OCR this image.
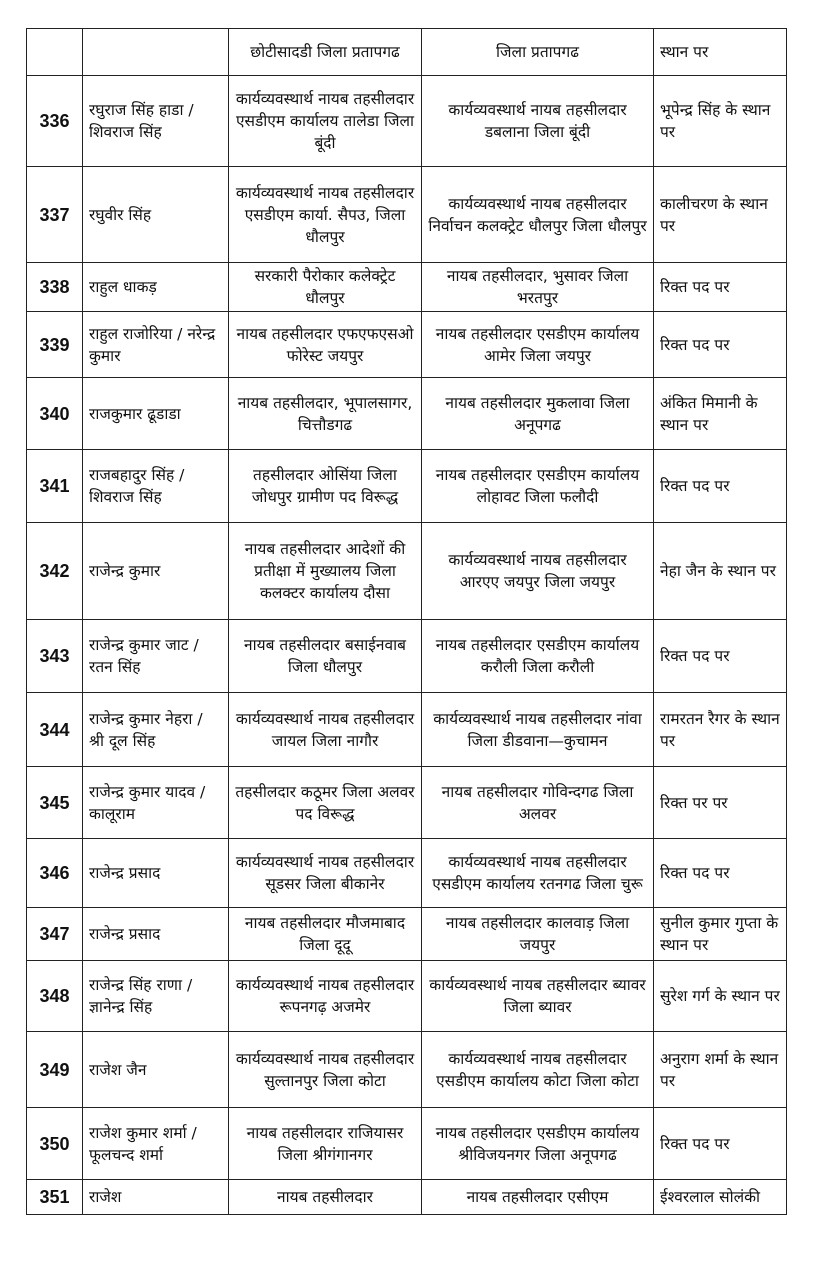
		छोटीसादडी जिला प्रतापगढ	जिला प्रतापगढ	स्थान पर
336	रघुराज सिंह हाडा / शिवराज सिंह	कार्यव्यवस्थार्थ नायब तहसीलदार एसडीएम कार्यालय तालेडा जिला बूंदी	कार्यव्यवस्थार्थ नायब तहसीलदार डबलाना जिला बूंदी	भूपेन्द्र सिंह के स्थान पर
337	रघुवीर सिंह	कार्यव्यवस्थार्थ नायब तहसीलदार एसडीएम कार्या. सैपउ, जिला धौलपुर	कार्यव्यवस्थार्थ नायब तहसीलदार निर्वाचन कलक्ट्रेट धौलपुर जिला धौलपुर	कालीचरण के स्थान पर
338	राहुल धाकड़	सरकारी पैरोकार कलेक्ट्रेट धौलपुर	नायब तहसीलदार, भुसावर जिला भरतपुर	रिक्त पद पर
339	राहुल राजोरिया / नरेन्द्र कुमार	नायब तहसीलदार एफएफएसओ फोरेस्ट जयपुर	नायब तहसीलदार एसडीएम कार्यालय आमेर जिला जयपुर	रिक्त पद पर
340	राजकुमार ढूडाडा	नायब तहसीलदार, भूपालसागर, चित्तौडगढ	नायब तहसीलदार मुकलावा जिला अनूपगढ	अंकित मिमानी के स्थान पर
341	राजबहादुर सिंह / शिवराज सिंह	तहसीलदार ओसिंया जिला जोधपुर ग्रामीण पद विरूद्ध	नायब तहसीलदार एसडीएम कार्यालय लोहावट जिला फलौदी	रिक्त पद पर
342	राजेन्द्र कुमार	नायब तहसीलदार आदेशों की प्रतीक्षा में मुख्यालय जिला कलक्टर कार्यालय दौसा	कार्यव्यवस्थार्थ नायब तहसीलदार आरएए जयपुर जिला जयपुर	नेहा जैन के स्थान पर
343	राजेन्द्र कुमार जाट / रतन सिंह	नायब तहसीलदार बसाईनवाब जिला धौलपुर	नायब तहसीलदार एसडीएम कार्यालय करौली जिला करौली	रिक्त पद पर
344	राजेन्द्र कुमार नेहरा / श्री दूल सिंह	कार्यव्यवस्थार्थ नायब तहसीलदार जायल जिला नागौर	कार्यव्यवस्थार्थ नायब तहसीलदार नांवा जिला डीडवाना—कुचामन	रामरतन रैगर के स्थान पर
345	राजेन्द्र कुमार यादव / कालूराम	तहसीलदार कठूमर जिला अलवर पद विरूद्ध	नायब तहसीलदार गोविन्दगढ जिला अलवर	रिक्त पर पर
346	राजेन्द्र प्रसाद	कार्यव्यवस्थार्थ नायब तहसीलदार सूडसर जिला बीकानेर	कार्यव्यवस्थार्थ नायब तहसीलदार एसडीएम कार्यालय रतनगढ जिला चुरू	रिक्त पद पर
347	राजेन्द्र प्रसाद	नायब तहसीलदार मौजमाबाद जिला दूदू	नायब तहसीलदार कालवाड़ जिला जयपुर	सुनील कुमार गुप्ता के स्थान पर
348	राजेन्द्र सिंह राणा / ज्ञानेन्द्र सिंह	कार्यव्यवस्थार्थ नायब तहसीलदार रूपनगढ़ अजमेर	कार्यव्यवस्थार्थ नायब तहसीलदार ब्यावर जिला ब्यावर	सुरेश गर्ग के स्थान पर
349	राजेश जैन	कार्यव्यवस्थार्थ नायब तहसीलदार सुल्तानपुर जिला कोटा	कार्यव्यवस्थार्थ नायब तहसीलदार एसडीएम कार्यालय कोटा जिला कोटा	अनुराग शर्मा के स्थान पर
350	राजेश कुमार शर्मा / फूलचन्द शर्मा	नायब तहसीलदार राजियासर जिला श्रीगंगानगर	नायब तहसीलदार एसडीएम कार्यालय श्रीविजयनगर जिला अनूपगढ	रिक्त पद पर
351	राजेश	नायब तहसीलदार	नायब तहसीलदार एसीएम	ईश्वरलाल सोलंकी
